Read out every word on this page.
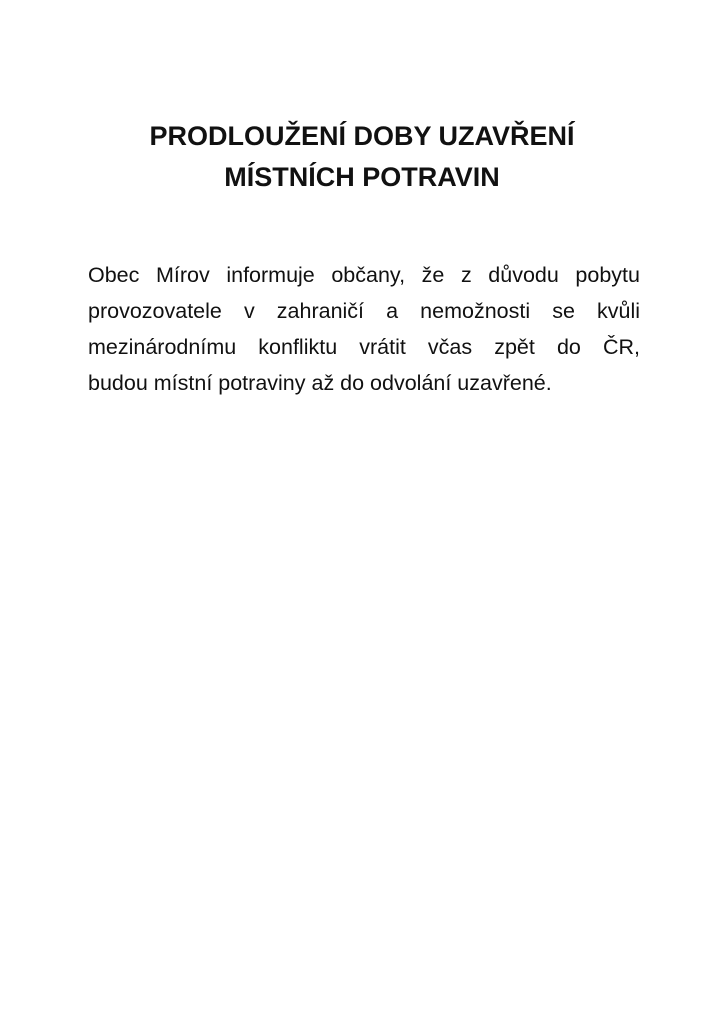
PRODLOUŽENÍ DOBY UZAVŘENÍ
MÍSTNÍCH POTRAVIN
Obec Mírov informuje občany, že z důvodu pobytu
provozovatele v zahraničí a nemožnosti se kvůli
mezinárodnímu konfliktu vrátit včas zpět do ČR,
budou místní potraviny až do odvolání uzavřené.
